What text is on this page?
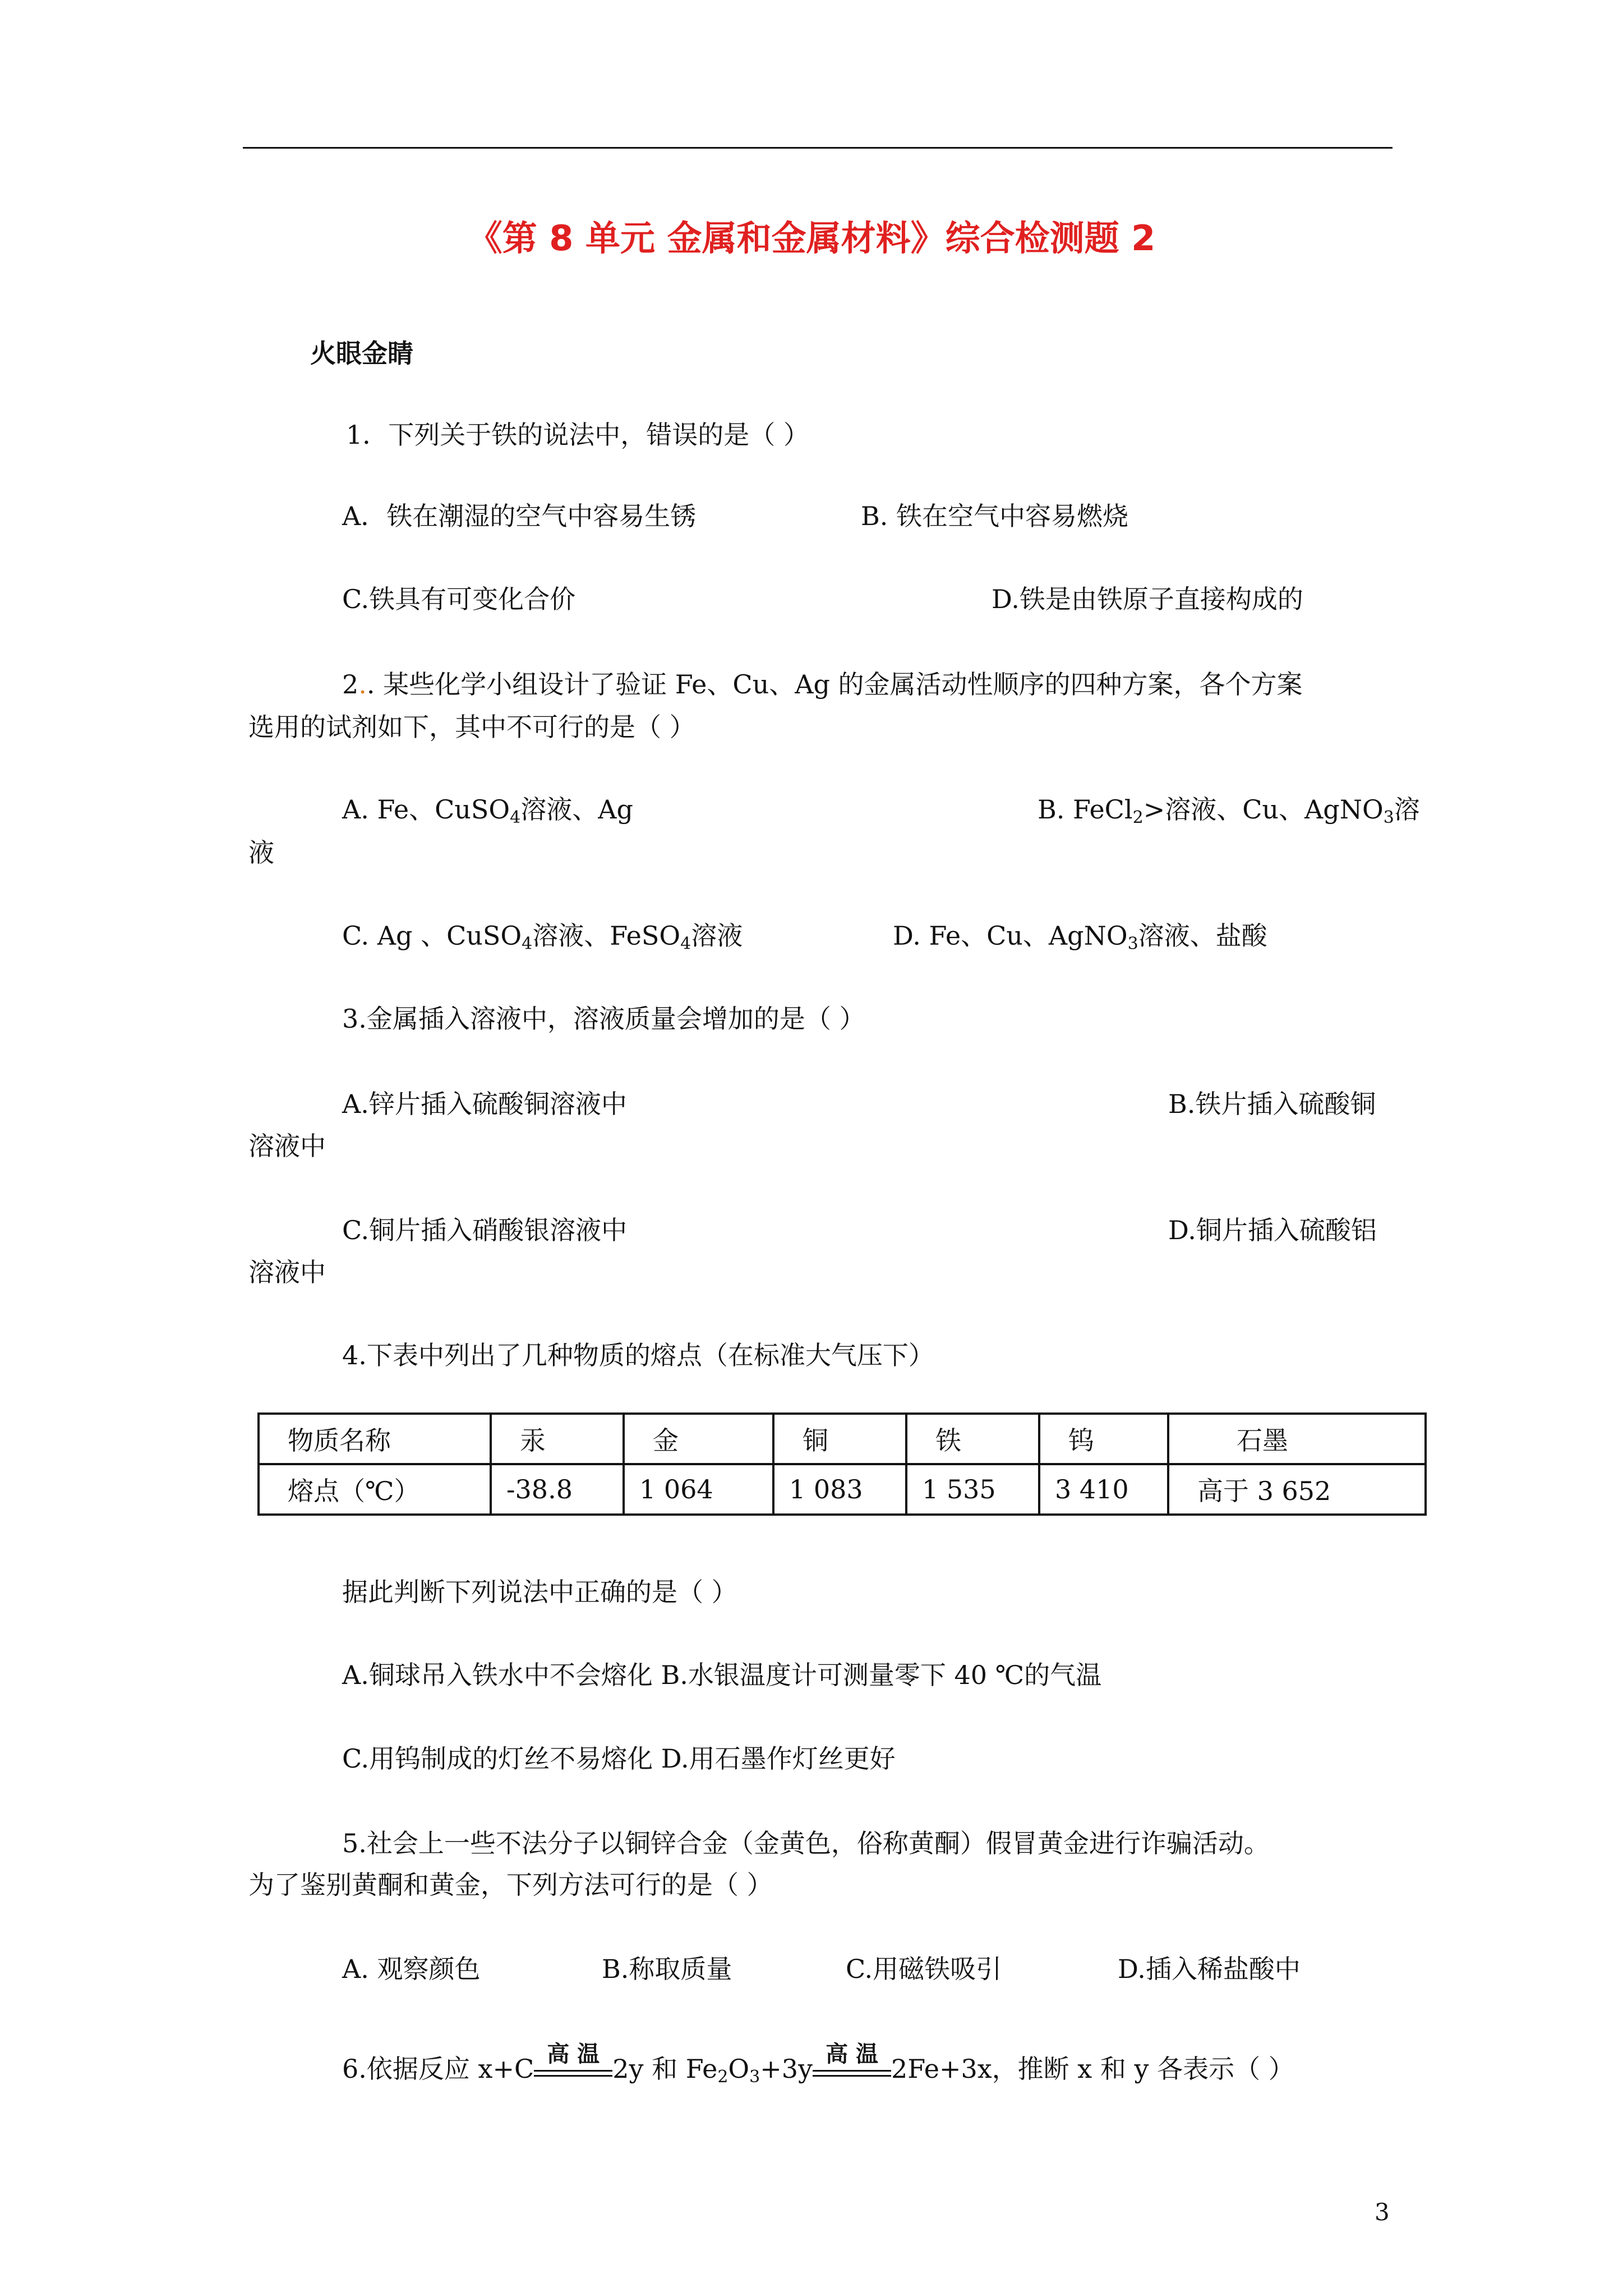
《第 8 单元 金属和金属材料》综合检测题 2
火眼金睛
1．下列关于铁的说法中，错误的是（ ）
A．铁在潮湿的空气中容易生锈	B. 铁在空气中容易燃烧
C.铁具有可变化合价	D.铁是由铁原子直接构成的
2.. 某些化学小组设计了验证 Fe、Cu、Ag 的金属活动性顺序的四种方案，各个方案
选用的试剂如下，其中不可行的是（ ）
A. Fe、CuSO$_4$溶液、Ag	B. FeCl$_2$>溶液、Cu、AgNO$_3$溶
液
C. Ag 、CuSO$_4$溶液、FeSO$_4$溶液	D. Fe、Cu、AgNO$_3$溶液、盐酸
3.金属插入溶液中，溶液质量会增加的是（ ）
A.锌片插入硫酸铜溶液中	B.铁片插入硫酸铜
溶液中
C.铜片插入硝酸银溶液中	D.铜片插入硫酸铝
溶液中
4.下表中列出了几种物质的熔点（在标准大气压下）
物质名称	汞	金	铜	铁	钨	石墨
熔点（℃）	-38.8	1 064	1 083	1 535	3 410	高于 3 652
据此判断下列说法中正确的是（ ）
A.铜球吊入铁水中不会熔化 B.水银温度计可测量零下 40 ℃的气温
C.用钨制成的灯丝不易熔化 D.用石墨作灯丝更好
5.社会上一些不法分子以铜锌合金（金黄色，俗称黄酮）假冒黄金进行诈骗活动。
为了鉴别黄酮和黄金，下列方法可行的是（ ）
A. 观察颜色	B.称取质量	C.用磁铁吸引	D.插入稀盐酸中
6.依据反应 x+C 高 温 2y 和 $Fe_2O_3+3y$ 高 温 2Fe+3x，推断 x 和 y 各表示（ ）
3
